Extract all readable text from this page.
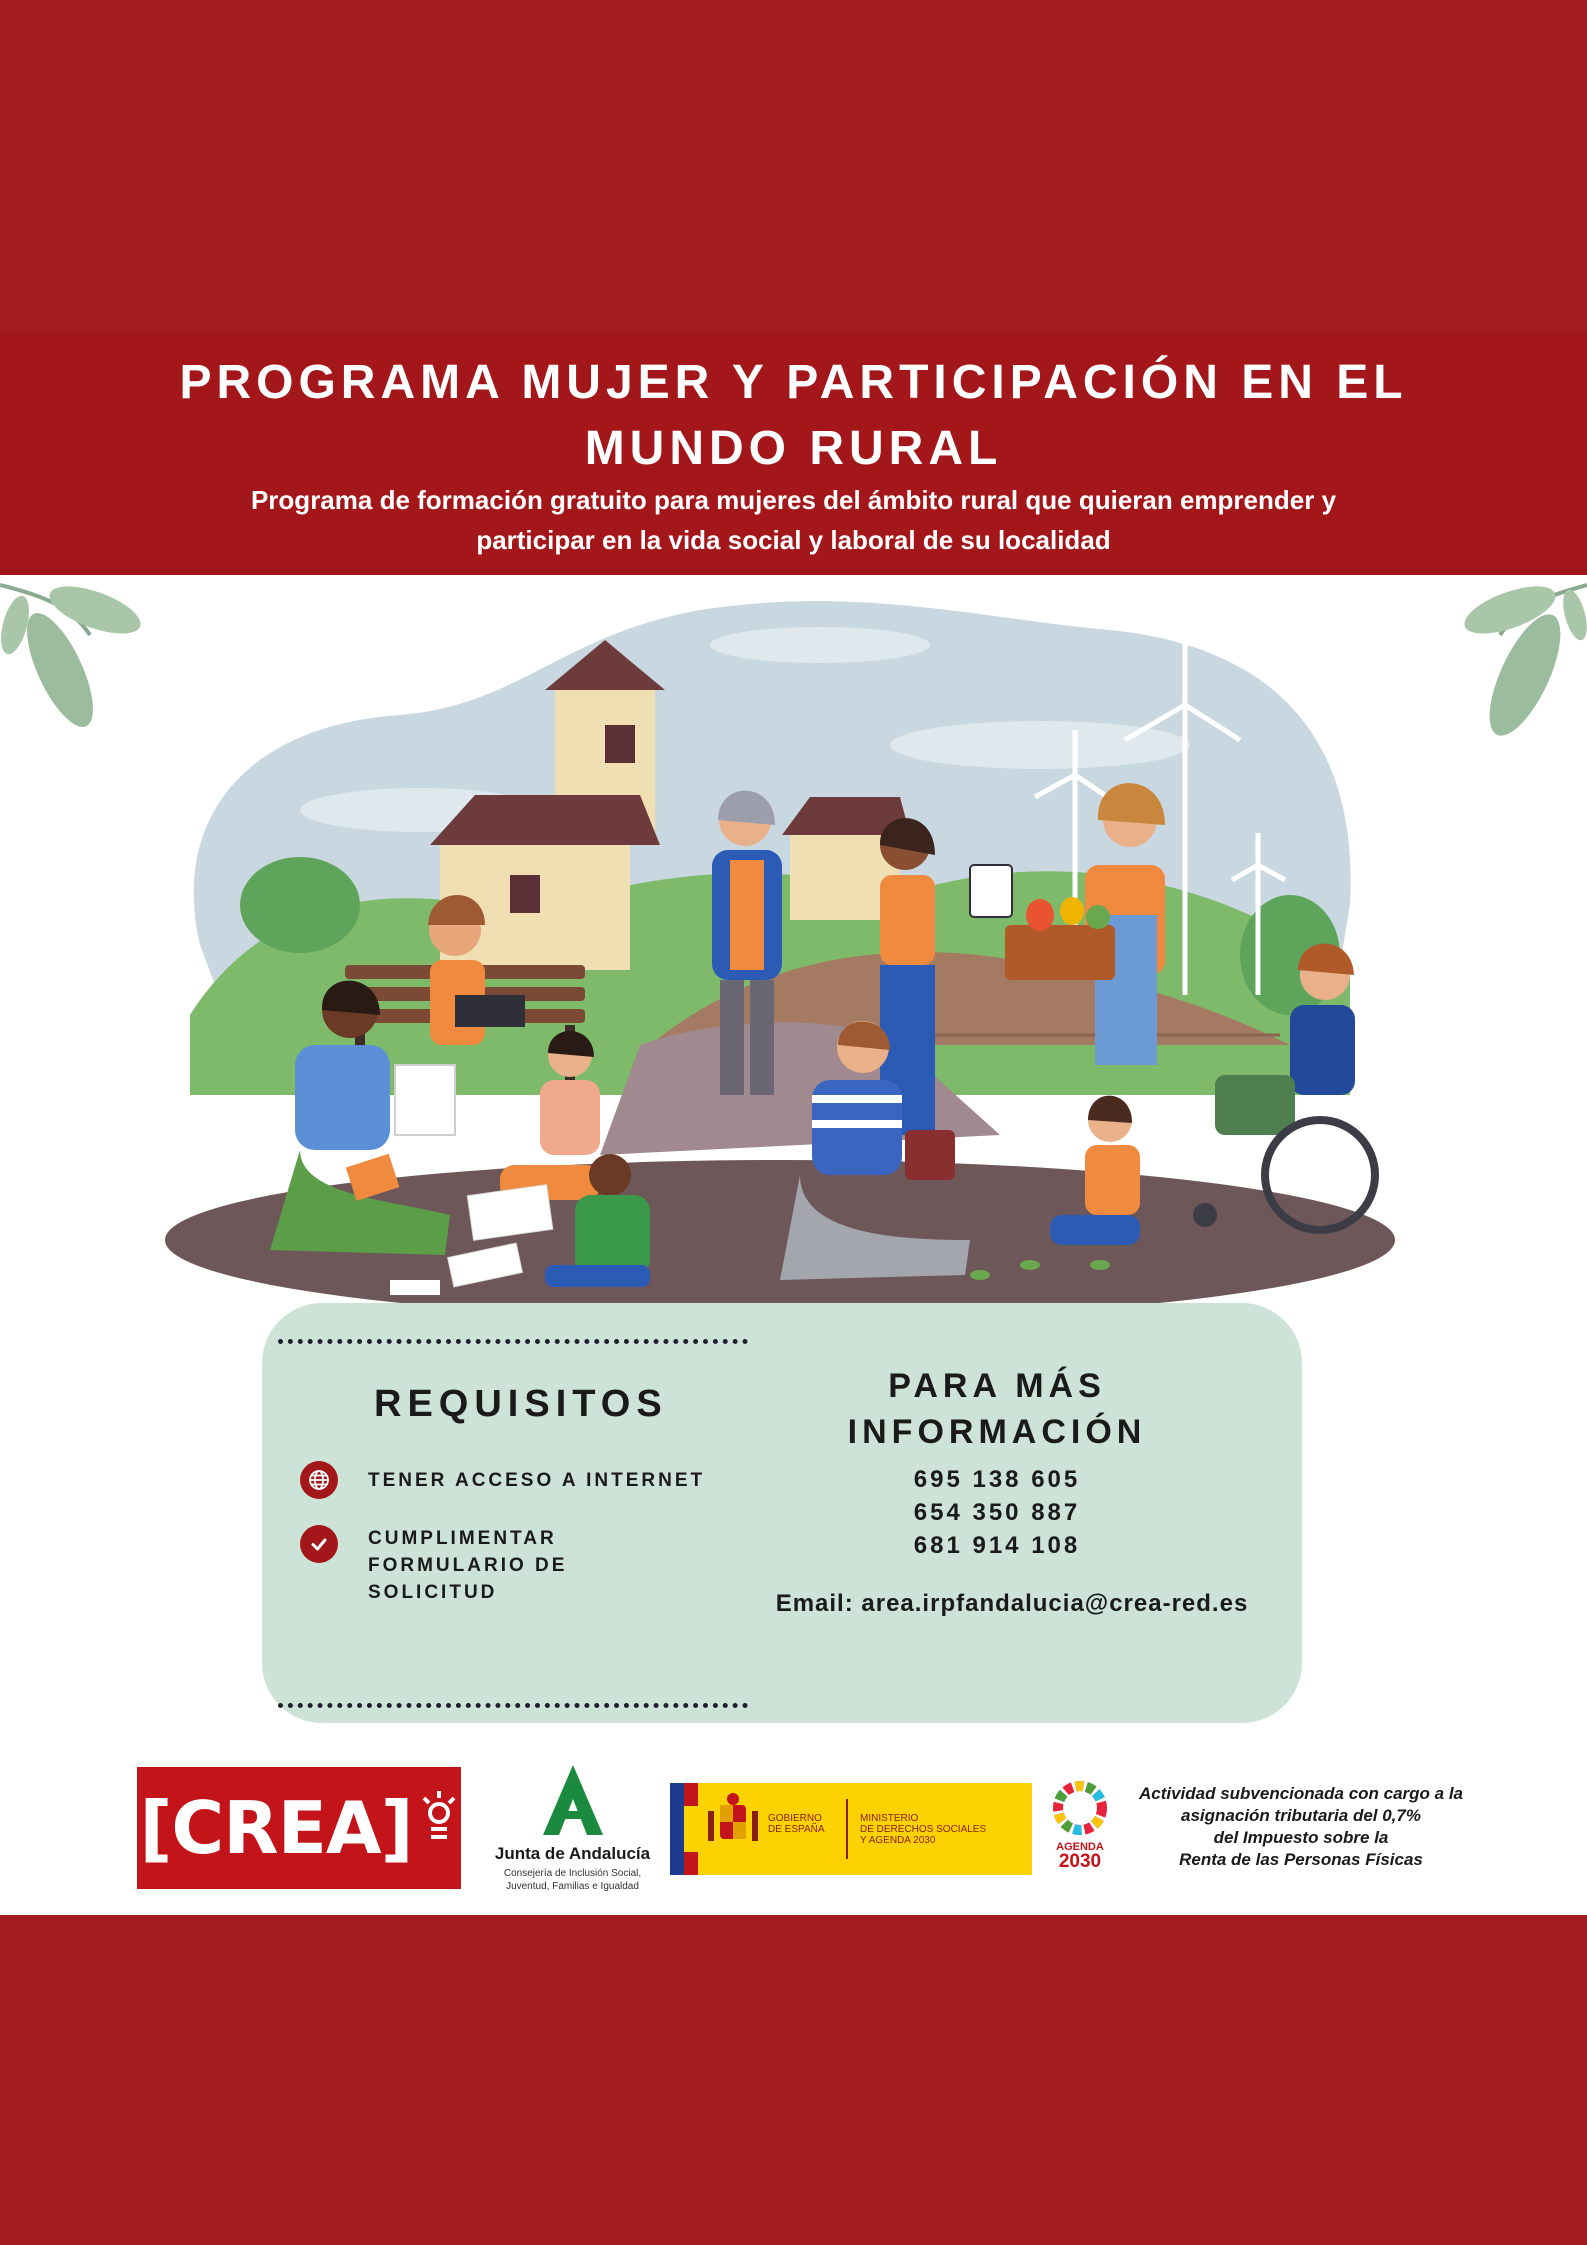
PROGRAMA MUJER Y PARTICIPACIÓN EN EL
MUNDO RURAL
Programa de formación gratuito para mujeres del ámbito rural que quieran emprender y
participar en la vida social y laboral de su localidad
REQUISITOS
TENER ACCESO A INTERNET
CUMPLIMENTAR
FORMULARIO DE
SOLICITUD
PARA MÁS
INFORMACIÓN
695 138 605
654 350 887
681 914 108
Email: area.irpfandalucia@crea-red.es
[CREA]	Junta de Andalucía
Consejería de Inclusión Social,
Juventud, Familias e Igualdad
GOBIERNO
DE ESPAÑA
MINISTERIO
DE DERECHOS SOCIALES
Y AGENDA 2030
AGENDA
2030
Actividad subvencionada con cargo a la
asignación tributaria del 0,7%
del Impuesto sobre la
Renta de las Personas Físicas
